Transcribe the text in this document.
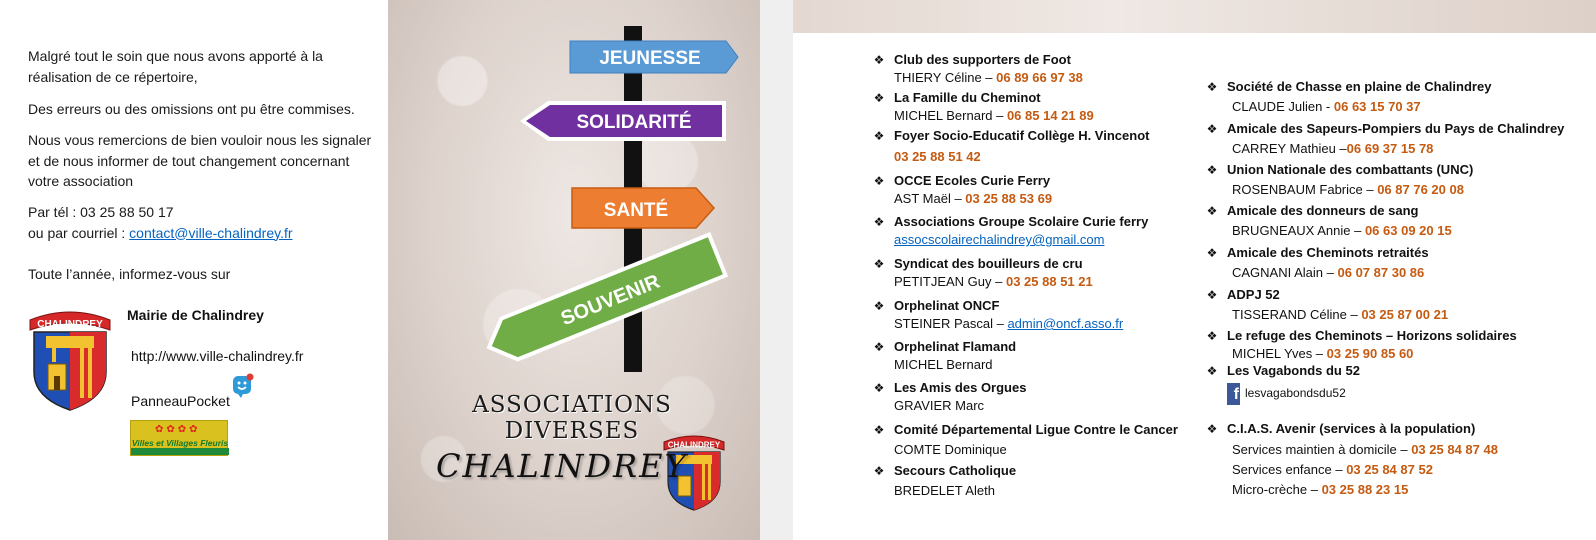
Malgré tout le soin que nous avons apporté à la
réalisation de ce répertoire,
Des erreurs ou des omissions ont pu être commises.
Nous vous remercions de bien vouloir nous les signaler
et de nous informer de tout changement concernant
votre association
Par tél : 03 25 88 50 17
ou par courriel : contact@ville-chalindrey.fr
Toute l’année, informez-vous sur
CHALINDREY
Mairie de Chalindrey
http://www.ville-chalindrey.fr
PanneauPocket
✿✿✿✿
Villes et Villages Fleuris
JEUNESSE
SOLIDARITÉ
SANTÉ
SOUVENIR
CHALINDREY
ASSOCIATIONS DIVERSES
CHALINDREY
❖ Club des supporters de Foot
THIERY Céline – 06 89 66 97 38
❖ La Famille du Cheminot
MICHEL Bernard – 06 85 14 21 89
❖ Foyer Socio-Educatif Collège H. Vincenot
03 25 88 51 42
❖ OCCE Ecoles Curie Ferry
AST Maël – 03 25 88 53 69
❖ Associations Groupe Scolaire Curie ferry
assocscolairechalindrey@gmail.com
❖ Syndicat des bouilleurs de cru
PETITJEAN Guy – 03 25 88 51 21
❖ Orphelinat ONCF
STEINER Pascal – admin@oncf.asso.fr
❖ Orphelinat Flamand
MICHEL Bernard
❖ Les Amis des Orgues
GRAVIER Marc
❖ Comité Départemental Ligue Contre le Cancer
COMTE Dominique
❖ Secours Catholique
BREDELET Aleth
❖ Société de Chasse en plaine de Chalindrey
CLAUDE Julien - 06 63 15 70 37
❖ Amicale des Sapeurs-Pompiers du Pays de Chalindrey
CARREY Mathieu –06 69 37 15 78
❖ Union Nationale des combattants (UNC)
ROSENBAUM Fabrice – 06 87 76 20 08
❖ Amicale des donneurs de sang
BRUGNEAUX Annie – 06 63 09 20 15
❖ Amicale des Cheminots retraités
CAGNANI Alain – 06 07 87 30 86
❖ ADPJ 52
TISSERAND Céline – 03 25 87 00 21
❖ Le refuge des Cheminots – Horizons solidaires
MICHEL Yves – 03 25 90 85 60
❖ Les Vagabonds du 52
f lesvagabondsdu52
❖ C.I.A.S. Avenir (services à la population)
Services maintien à domicile – 03 25 84 87 48
Services enfance – 03 25 84 87 52
Micro-crèche – 03 25 88 23 15
